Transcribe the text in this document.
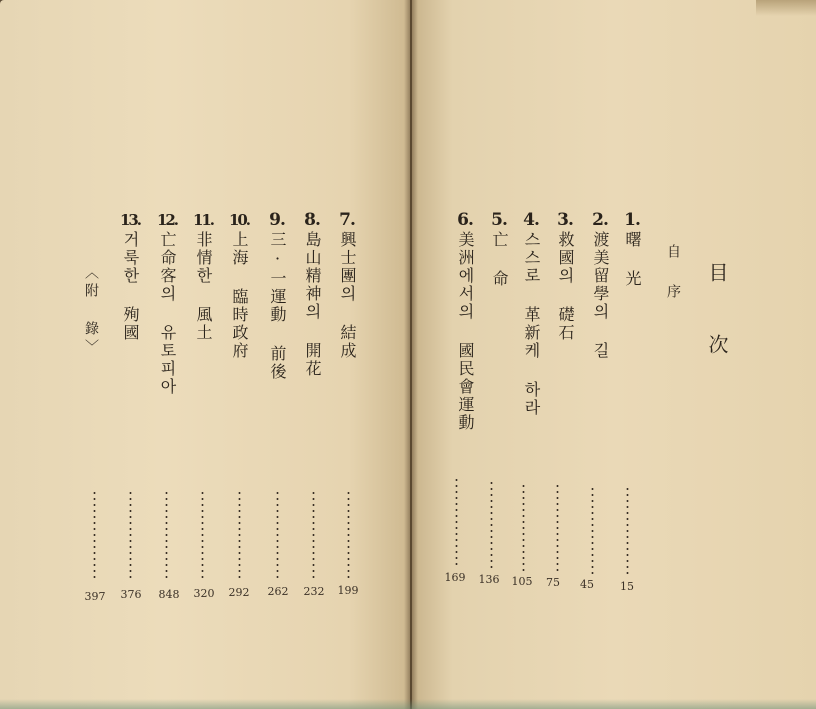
目次
自序
1.
曙 光
2.
渡美留學의 길
3.
救國의 礎石
4.
스스로 革新케 하라
5.
亡 命
6.
美洲에서의 國民會運動
7.
興士團의 結成
8.
島山精神의 開花
9.
三·一運動 前後
10.
上海 臨時政府
11.
非情한 風土
12.
亡命客의 유토피아
13.
거룩한 殉國
〈附 錄〉
15
45
75
105
136
169
199
232
262
292
320
848
376
397
